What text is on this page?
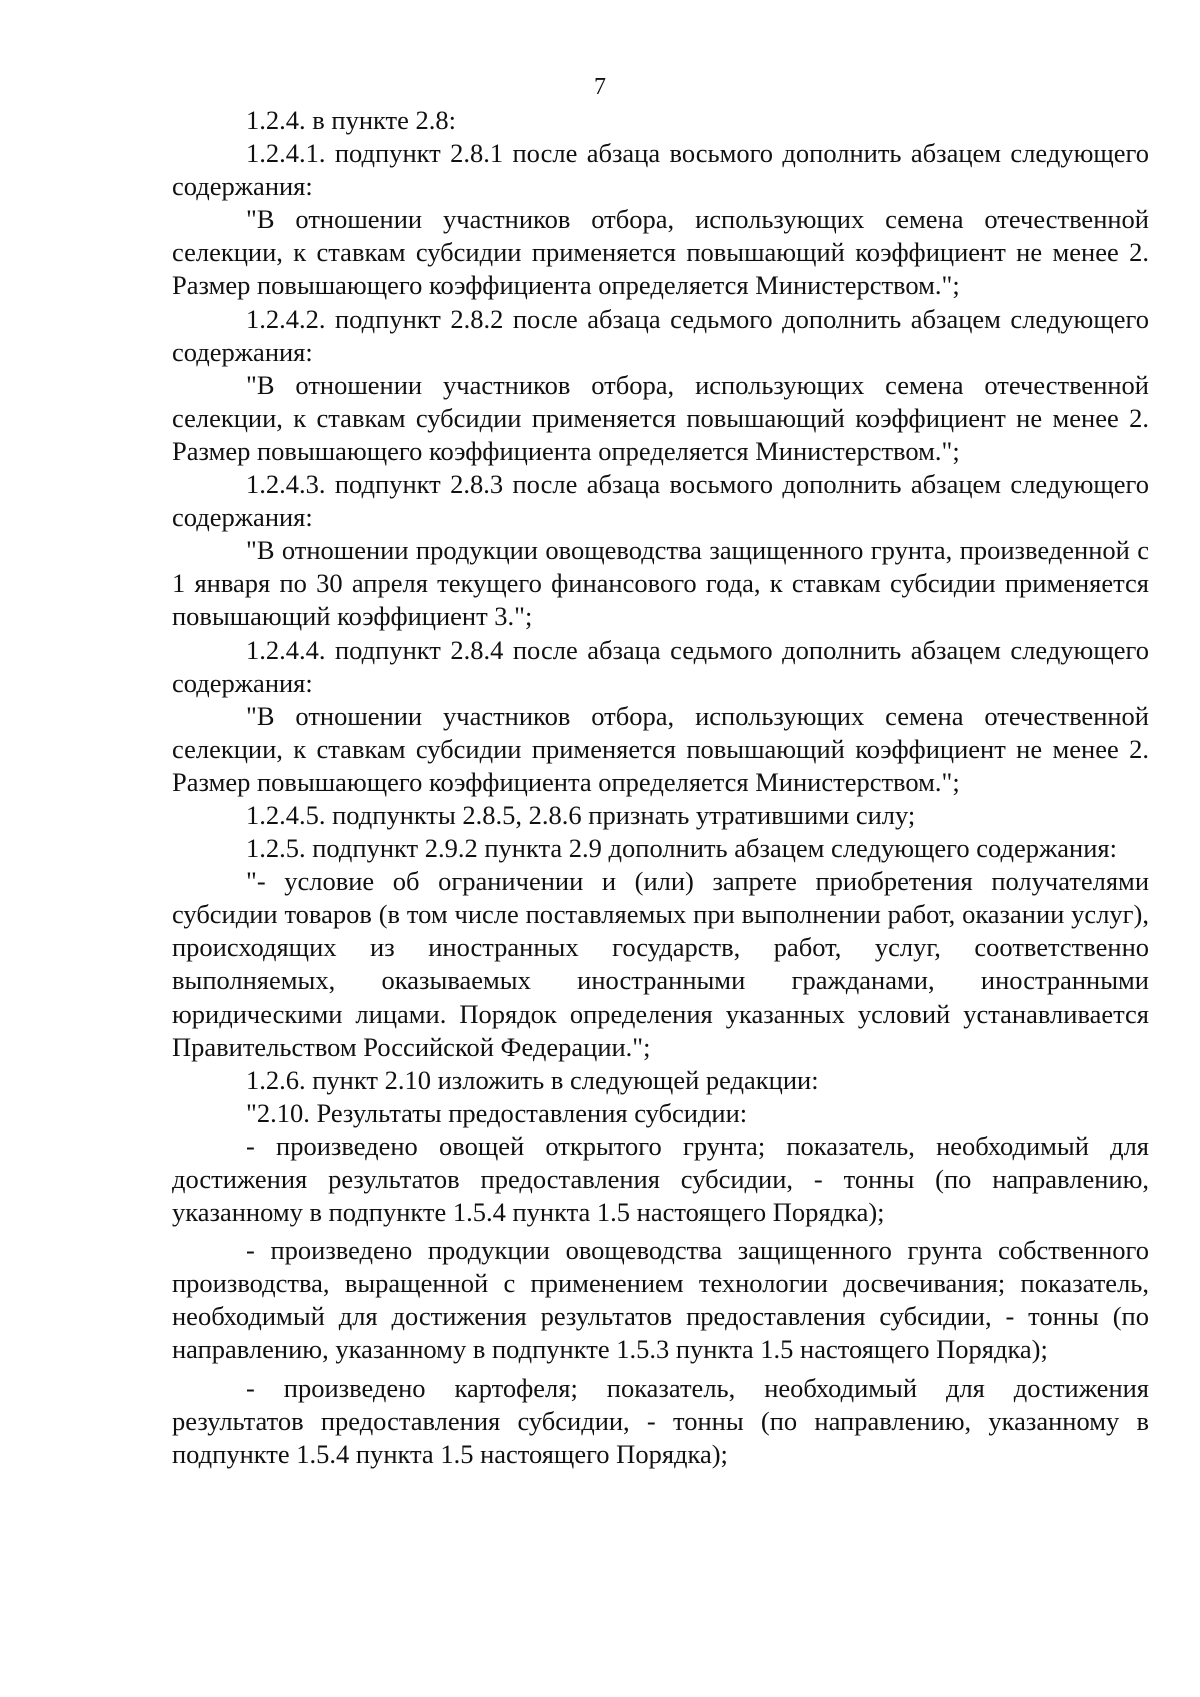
7

1.2.4. в пункте 2.8:

1.2.4.1. подпункт 2.8.1 после абзаца восьмого дополнить абзацем следующего содержания:

"В отношении участников отбора, использующих семена отечественной селекции, к ставкам субсидии применяется повышающий коэффициент не менее 2. Размер повышающего коэффициента определяется Министерством.";

1.2.4.2. подпункт 2.8.2 после абзаца седьмого дополнить абзацем следующего содержания:

"В отношении участников отбора, использующих семена отечественной селекции, к ставкам субсидии применяется повышающий коэффициент не менее 2. Размер повышающего коэффициента определяется Министерством.";

1.2.4.3. подпункт 2.8.3 после абзаца восьмого дополнить абзацем следующего содержания:

"В отношении продукции овощеводства защищенного грунта, произведенной с 1 января по 30 апреля текущего финансового года, к ставкам субсидии применяется повышающий коэффициент 3.";

1.2.4.4. подпункт 2.8.4 после абзаца седьмого дополнить абзацем следующего содержания:

"В отношении участников отбора, использующих семена отечественной селекции, к ставкам субсидии применяется повышающий коэффициент не менее 2. Размер повышающего коэффициента определяется Министерством.";

1.2.4.5. подпункты 2.8.5, 2.8.6 признать утратившими силу;

1.2.5. подпункт 2.9.2 пункта 2.9 дополнить абзацем следующего содержания:

"- условие об ограничении и (или) запрете приобретения получателями субсидии товаров (в том числе поставляемых при выполнении работ, оказании услуг), происходящих из иностранных государств, работ, услуг, соответственно выполняемых, оказываемых иностранными гражданами, иностранными юридическими лицами. Порядок определения указанных условий устанавливается Правительством Российской Федерации.";

1.2.6. пункт 2.10 изложить в следующей редакции:

"2.10. Результаты предоставления субсидии:

- произведено овощей открытого грунта; показатель, необходимый для достижения результатов предоставления субсидии, - тонны (по направлению, указанному в подпункте 1.5.4 пункта 1.5 настоящего Порядка);

- произведено продукции овощеводства защищенного грунта собственного производства, выращенной с применением технологии досвечивания; показатель, необходимый для достижения результатов предоставления субсидии, - тонны (по направлению, указанному в подпункте 1.5.3 пункта 1.5 настоящего Порядка);

- произведено картофеля; показатель, необходимый для достижения результатов предоставления субсидии, - тонны (по направлению, указанному в подпункте 1.5.4 пункта 1.5 настоящего Порядка);
